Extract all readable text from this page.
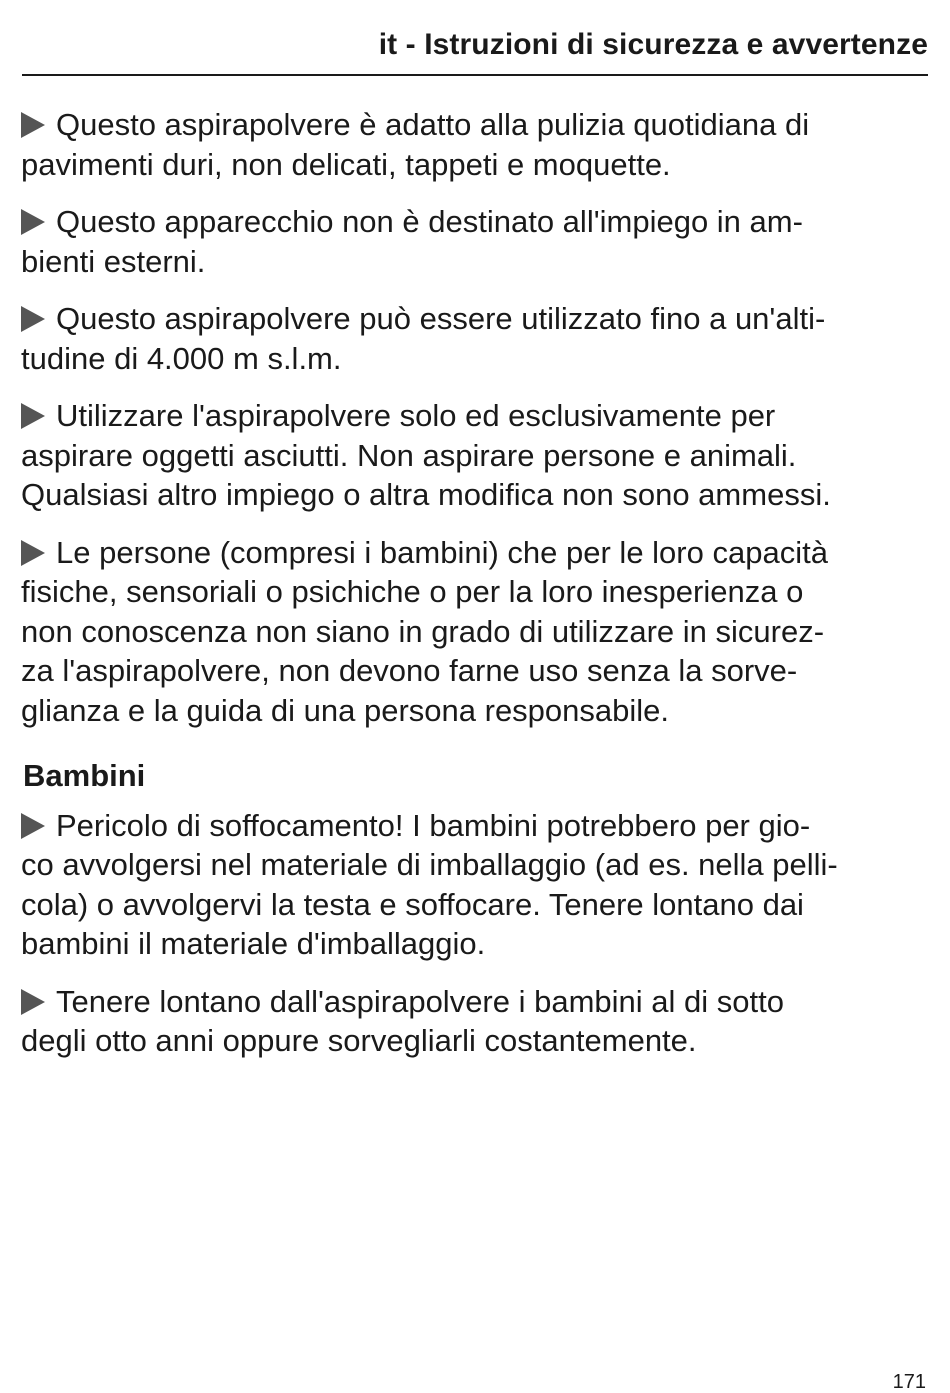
it - Istruzioni di sicurezza e avvertenze
Questo aspirapolvere è adatto alla pulizia quotidiana di
pavimenti duri, non delicati, tappeti e moquette.
Questo apparecchio non è destinato all'impiego in am-
bienti esterni.
Questo aspirapolvere può essere utilizzato fino a un'alti-
tudine di 4.000 m s.l.m.
Utilizzare l'aspirapolvere solo ed esclusivamente per
aspirare oggetti asciutti. Non aspirare persone e animali.
Qualsiasi altro impiego o altra modifica non sono ammessi.
Le persone (compresi i bambini) che per le loro capacità
fisiche, sensoriali o psichiche o per la loro inesperienza o
non conoscenza non siano in grado di utilizzare in sicurez-
za l'aspirapolvere, non devono farne uso senza la sorve-
glianza e la guida di una persona responsabile.
Bambini
Pericolo di soffocamento! I bambini potrebbero per gio-
co avvolgersi nel materiale di imballaggio (ad es. nella pelli-
cola) o avvolgervi la testa e soffocare. Tenere lontano dai
bambini il materiale d'imballaggio.
Tenere lontano dall'aspirapolvere i bambini al di sotto
degli otto anni oppure sorvegliarli costantemente.
171
